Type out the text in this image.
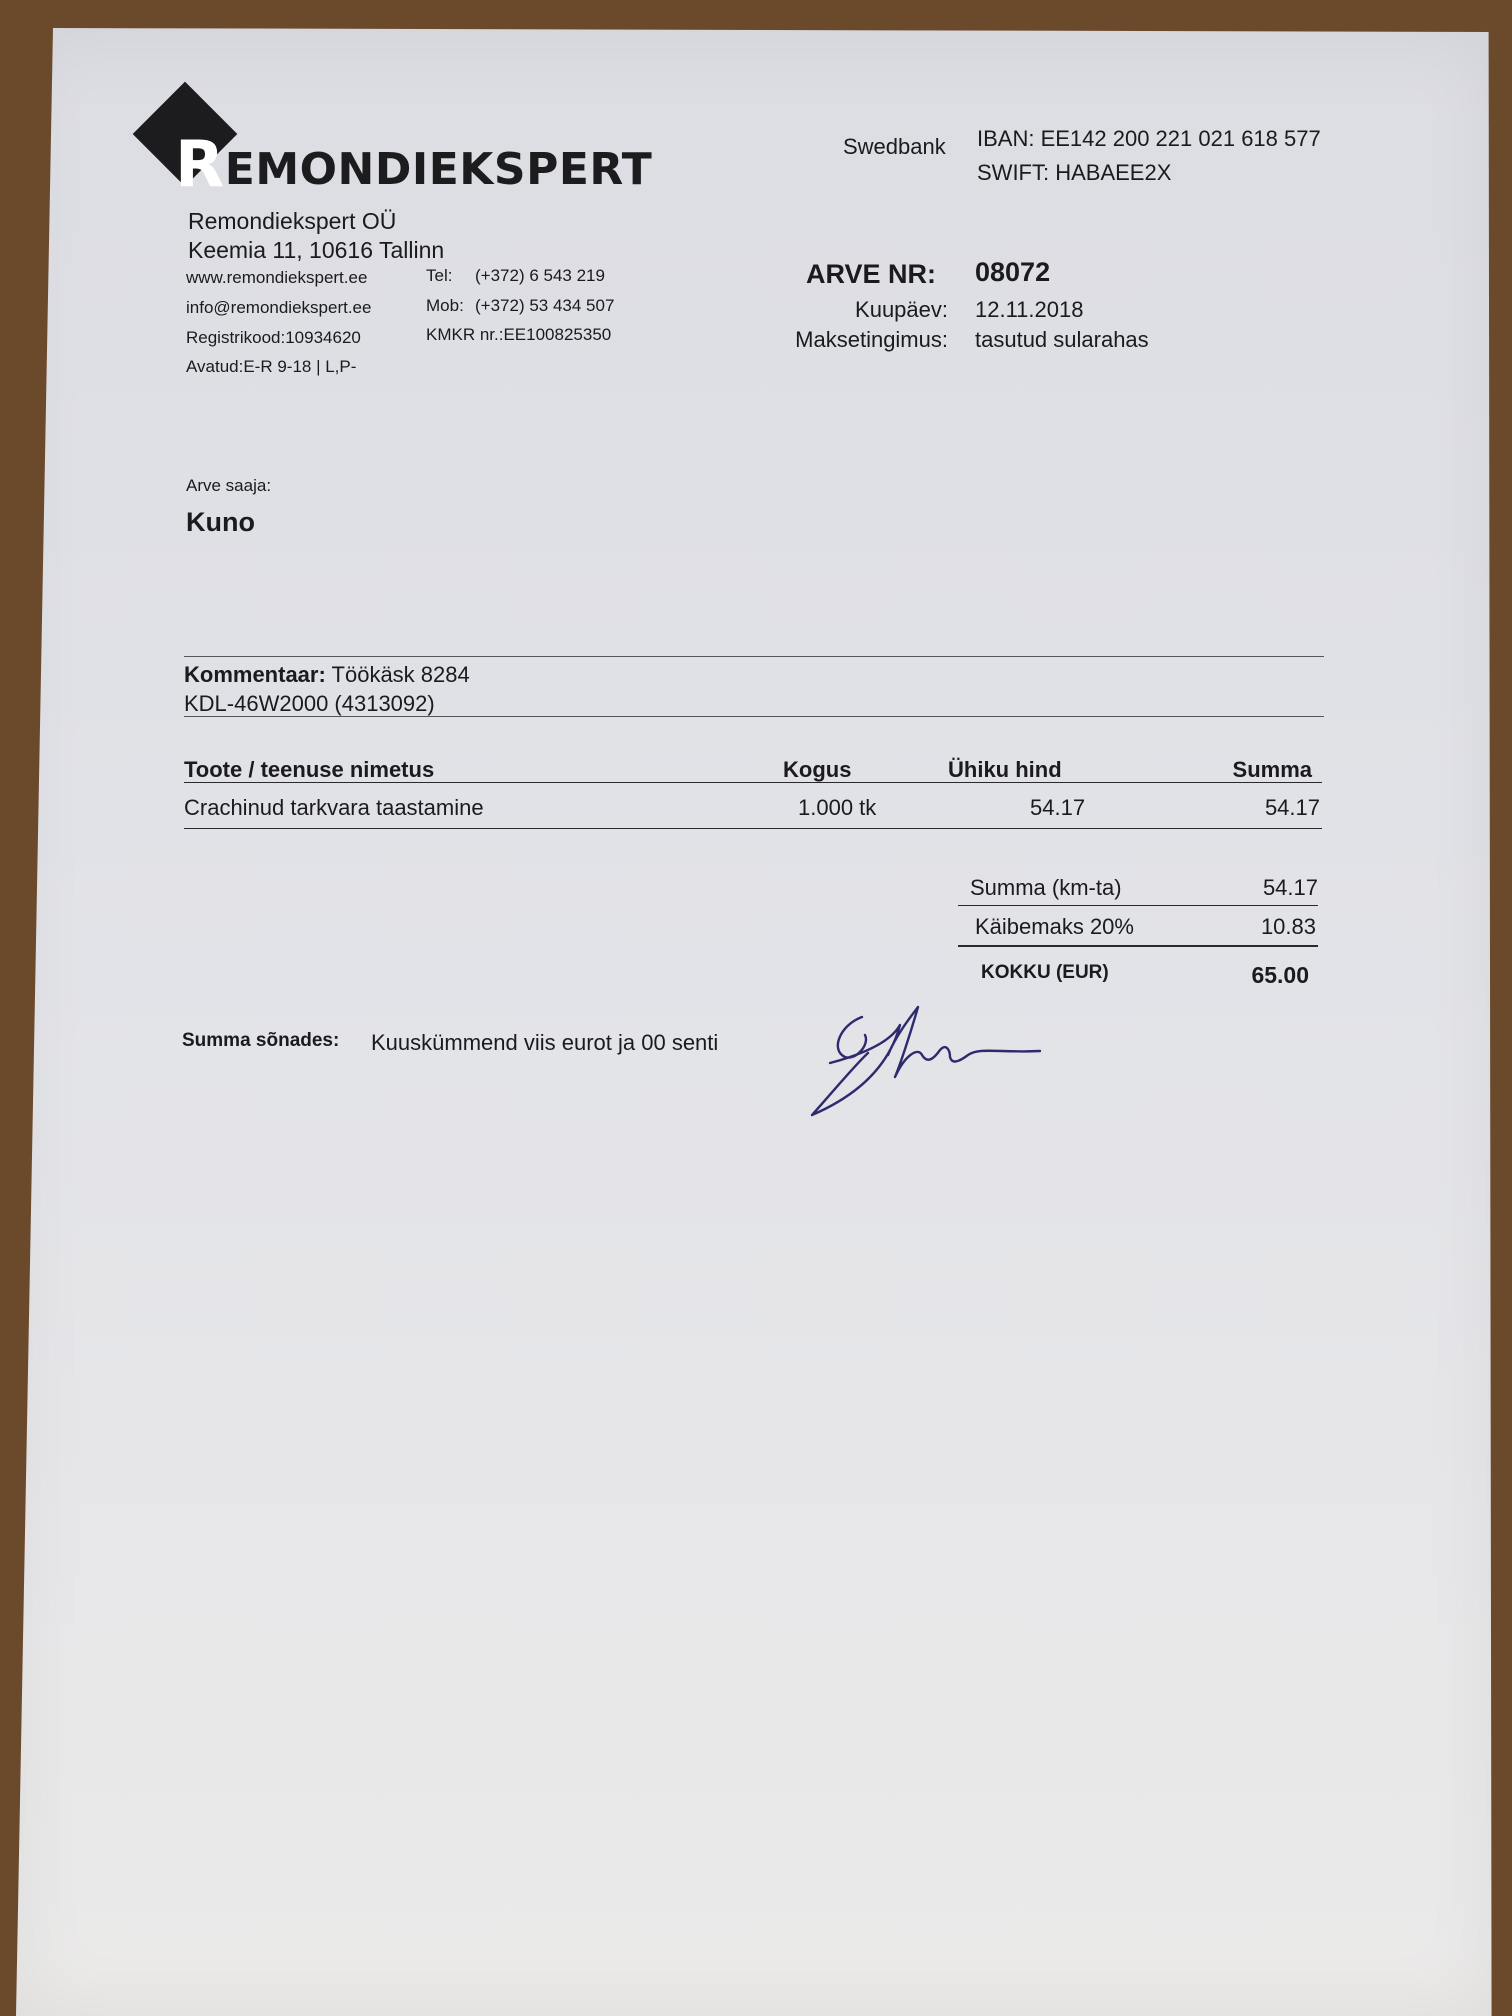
REMONDIEKSPERT
Remondiekspert OÜ
Keemia 11, 10616 Tallinn
www.remondiekspert.ee
info@remondiekspert.ee
Registrikood:10934620
Avatud:E-R 9-18 | L,P-
Tel: (+372) 6 543 219
Mob: (+372) 53 434 507
KMKR nr.:EE100825350
Swedbank IBAN: EE142 200 221 021 618 577
SWIFT: HABAEE2X
ARVE NR: 08072
Kuupäev: 12.11.2018
Maksetingimus: tasutud sularahas
Arve saaja:
Kuno
Kommentaar: Töökäsk 8284
KDL-46W2000 (4313092)
Toote / teenuse nimetus	Kogus	Ühiku hind	Summa
Crachinud tarkvara taastamine	1.000 tk	54.17	54.17
Summa (km-ta)	54.17
Käibemaks 20%	10.83
KOKKU (EUR)	65.00
Summa sõnades: Kuuskümmend viis eurot ja 00 senti
